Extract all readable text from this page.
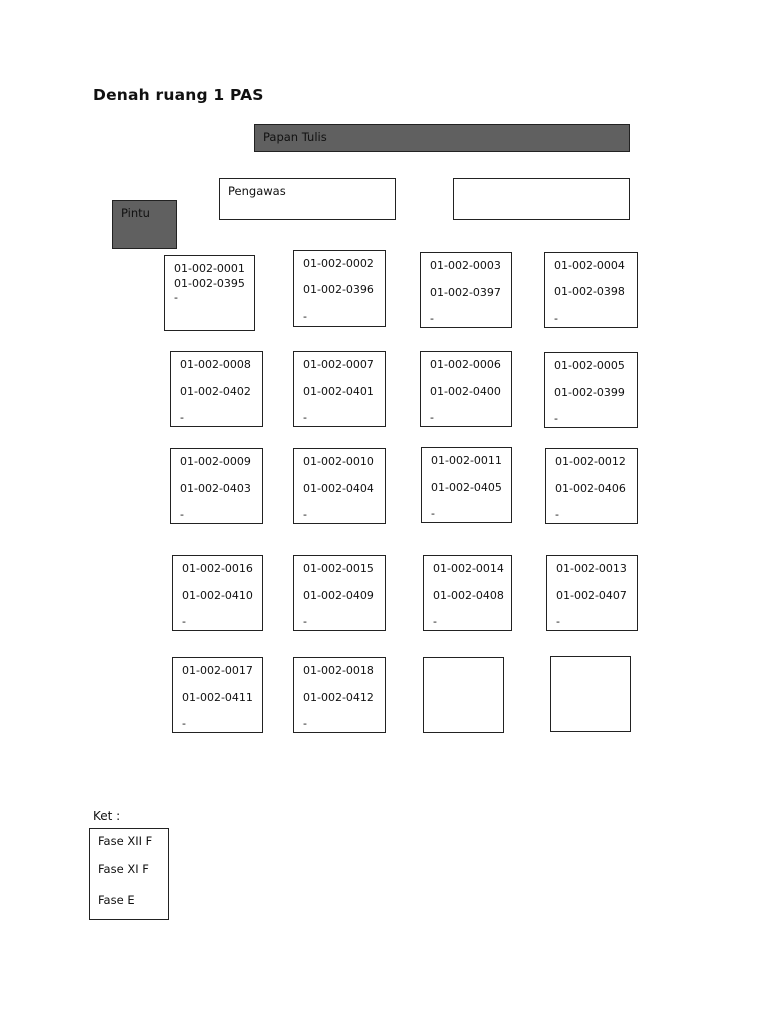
Denah ruang 1 PAS
Papan Tulis
Pengawas
Pintu
01-002-0001
01-002-0395
-
01-002-0002
01-002-0396
-
01-002-0003
01-002-0397
-
01-002-0004
01-002-0398
-
01-002-0008
01-002-0402
-
01-002-0007
01-002-0401
-
01-002-0006
01-002-0400
-
01-002-0005
01-002-0399
-
01-002-0009
01-002-0403
-
01-002-0010
01-002-0404
-
01-002-0011
01-002-0405
-
01-002-0012
01-002-0406
-
01-002-0016
01-002-0410
-
01-002-0015
01-002-0409
-
01-002-0014
01-002-0408
-
01-002-0013
01-002-0407
-
01-002-0017
01-002-0411
-
01-002-0018
01-002-0412
-
Ket :
Fase XII F
Fase XI F
Fase E
